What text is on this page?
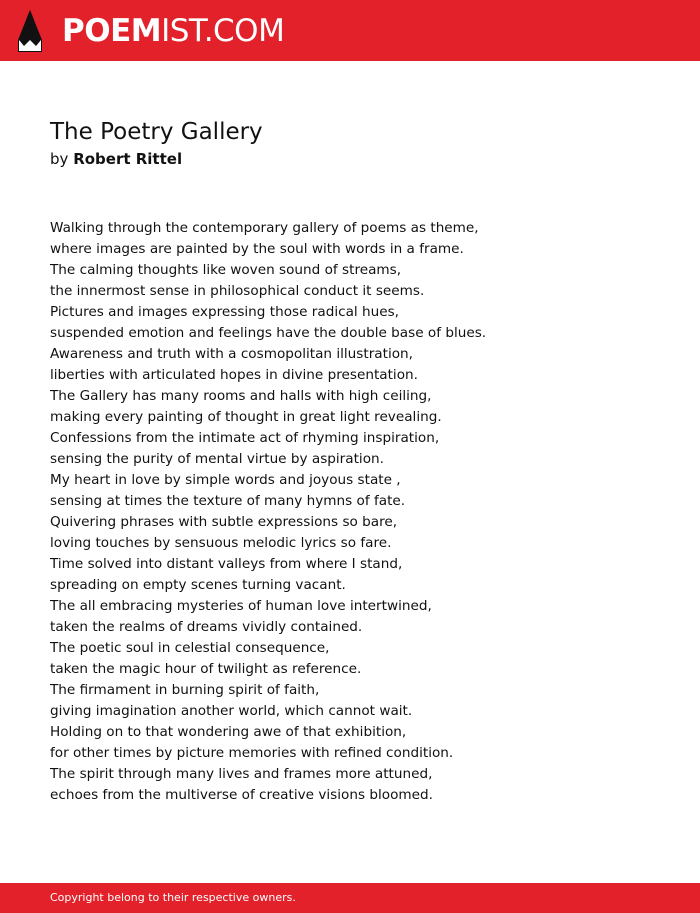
POEMIST.COM
The Poetry Gallery
by Robert Rittel
Walking through the contemporary gallery of poems as theme,
where images are painted by the soul with words in a frame.
The calming thoughts like woven sound of streams,
the innermost sense in philosophical conduct it seems.
Pictures and images expressing those radical hues,
suspended emotion and feelings have the double base of blues.
Awareness and truth with a cosmopolitan illustration,
liberties with articulated hopes in divine presentation.
The Gallery has many rooms and halls with high ceiling,
making every painting of thought in great light revealing.
Confessions from the intimate act of rhyming inspiration,
sensing the purity of mental virtue by aspiration.
My heart in love by simple words and joyous state ,
sensing at times the texture of many hymns of fate.
Quivering phrases with subtle expressions so bare,
loving touches by sensuous melodic lyrics so fare.
Time solved into distant valleys from where I stand,
spreading on empty scenes turning vacant.
The all embracing mysteries of human love intertwined,
taken the realms of dreams vividly contained.
The poetic soul in celestial consequence,
taken the magic hour of twilight as reference.
The firmament in burning spirit of faith,
giving imagination another world, which cannot wait.
Holding on to that wondering awe of that exhibition,
for other times by picture memories with refined condition.
The spirit through many lives and frames more attuned,
echoes from the multiverse of creative visions bloomed.
Copyright belong to their respective owners.
